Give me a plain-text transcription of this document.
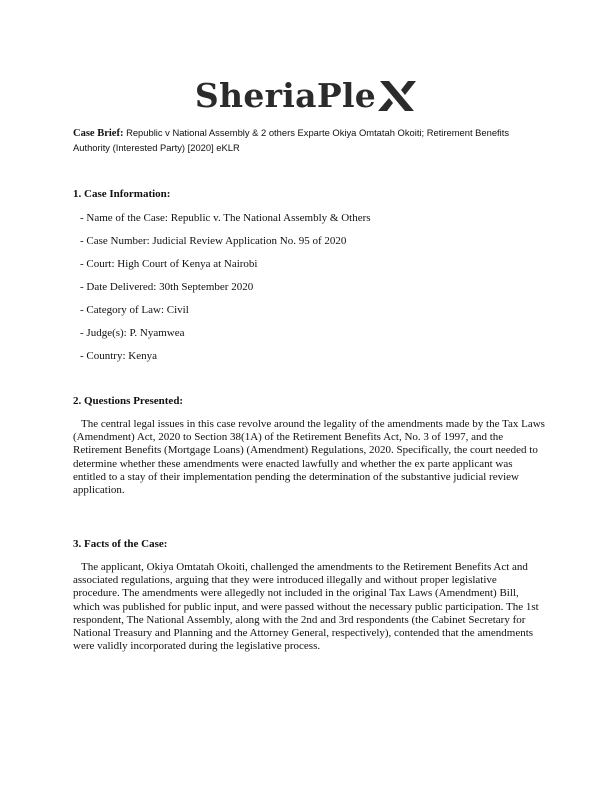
SheriaPle
Case Brief: Republic v National Assembly & 2 others Exparte Okiya Omtatah Okoiti; Retirement Benefits Authority (Interested Party) [2020] eKLR
1. Case Information:
- Name of the Case: Republic v. The National Assembly & Others
- Case Number: Judicial Review Application No. 95 of 2020
- Court: High Court of Kenya at Nairobi
- Date Delivered: 30th September 2020
- Category of Law: Civil
- Judge(s): P. Nyamwea
- Country: Kenya
2. Questions Presented:

The central legal issues in this case revolve around the legality of the amendments made by the Tax Laws (Amendment) Act, 2020 to Section 38(1A) of the Retirement Benefits Act, No. 3 of 1997, and the Retirement Benefits (Mortgage Loans) (Amendment) Regulations, 2020. Specifically, the court needed to determine whether these amendments were enacted lawfully and whether the ex parte applicant was entitled to a stay of their implementation pending the determination of the substantive judicial review application.

3. Facts of the Case:

The applicant, Okiya Omtatah Okoiti, challenged the amendments to the Retirement Benefits Act and associated regulations, arguing that they were introduced illegally and without proper legislative procedure. The amendments were allegedly not included in the original Tax Laws (Amendment) Bill, which was published for public input, and were passed without the necessary public participation. The 1st respondent, The National Assembly, along with the 2nd and 3rd respondents (the Cabinet Secretary for National Treasury and Planning and the Attorney General, respectively), contended that the amendments were validly incorporated during the legislative process.
